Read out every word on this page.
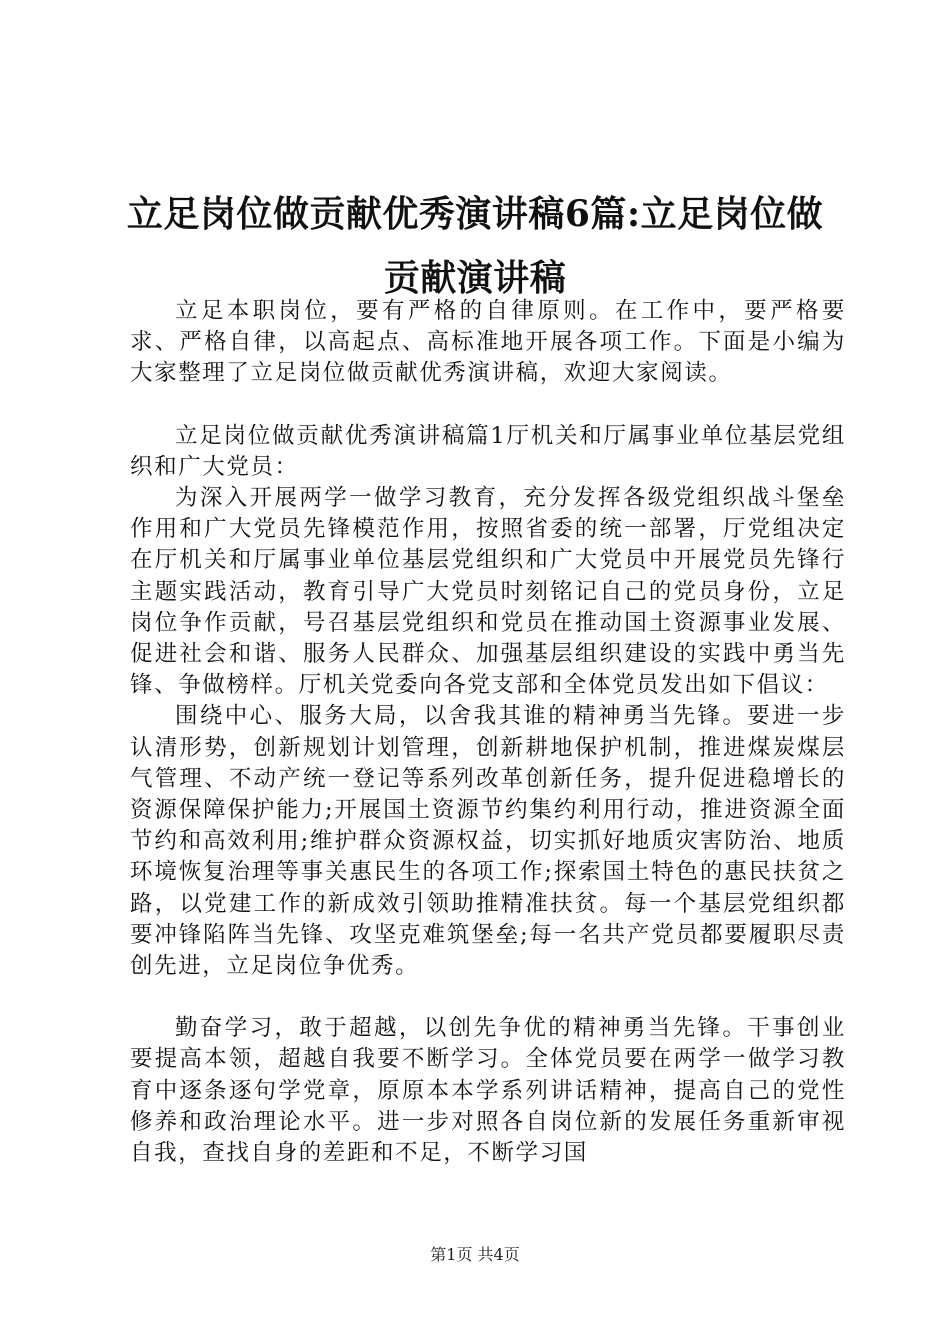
立足岗位做贡献优秀演讲稿6篇:立足岗位做
贡献演讲稿

立足本职岗位，要有严格的自律原则。在工作中，要严格要求、严格自律，以高起点、高标准地开展各项工作。下面是小编为大家整理了立足岗位做贡献优秀演讲稿，欢迎大家阅读。

立足岗位做贡献优秀演讲稿篇1厅机关和厅属事业单位基层党组织和广大党员：

为深入开展两学一做学习教育，充分发挥各级党组织战斗堡垒作用和广大党员先锋模范作用，按照省委的统一部署，厅党组决定在厅机关和厅属事业单位基层党组织和广大党员中开展党员先锋行主题实践活动，教育引导广大党员时刻铭记自己的党员身份，立足岗位争作贡献，号召基层党组织和党员在推动国土资源事业发展、促进社会和谐、服务人民群众、加强基层组织建设的实践中勇当先锋、争做榜样。厅机关党委向各党支部和全体党员发出如下倡议：

围绕中心、服务大局，以舍我其谁的精神勇当先锋。要进一步认清形势，创新规划计划管理，创新耕地保护机制，推进煤炭煤层气管理、不动产统一登记等系列改革创新任务，提升促进稳增长的资源保障保护能力;开展国土资源节约集约利用行动，推进资源全面节约和高效利用;维护群众资源权益，切实抓好地质灾害防治、地质环境恢复治理等事关惠民生的各项工作;探索国土特色的惠民扶贫之路，以党建工作的新成效引领助推精准扶贫。每一个基层党组织都要冲锋陷阵当先锋、攻坚克难筑堡垒;每一名共产党员都要履职尽责创先进，立足岗位争优秀。

勤奋学习，敢于超越，以创先争优的精神勇当先锋。干事创业要提高本领，超越自我要不断学习。全体党员要在两学一做学习教育中逐条逐句学党章，原原本本学系列讲话精神，提高自己的党性修养和政治理论水平。进一步对照各自岗位新的发展任务重新审视自我，查找自身的差距和不足，不断学习国

第1页 共4页
